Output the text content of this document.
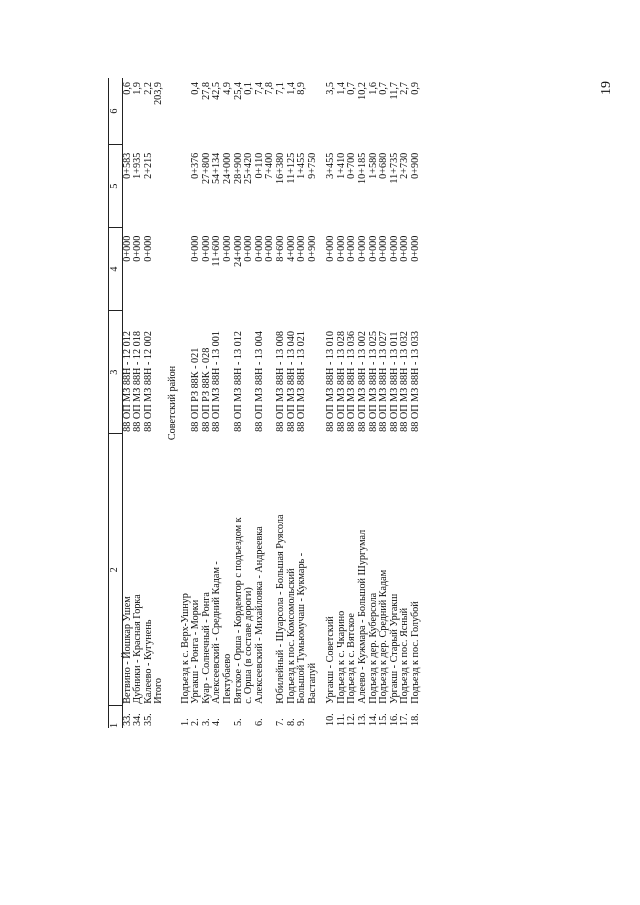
19
1	2	3	4	5	6
33.	Ветвино - Йошкар Ушем	88 ОП МЗ 88Н - 12 012	0+000	0+583	0,6
34.	Дубники - Красная Горка	88 ОП МЗ 88Н - 12 018	0+000	1+935	1,9
35.	Калеево - Кугунень	88 ОП МЗ 88Н - 12 002	0+000	2+215	2,2
	Итого				203,9
Советский район					
1.	Подъезд к с. Верх-Ушнур				
2.	Ургакш - Ронга - Морки	88 ОП РЗ 88К - 021	0+000	0+376	0,4
3.	Куар - Солнечный - Ронга	88 ОП РЗ 88К - 028	0+000	27+800	27,8
4.	Алексеевский - Средний Кадам -	88 ОП МЗ 88Н - 13 001	11+600	54+134	42,5
	Пектубаево		0+000	24+000	4,9
5.	Вятское - Орша - Кордемтор с подъездом к	88 ОП МЗ 88Н - 13 012	24+000	28+900	25,4
	с. Орша (в составе дороги)		0+000	25+420	0,1
6.	Алексеевский - Михайловка - Андреевка	88 ОП МЗ 88Н - 13 004	0+000	0+110	7,4
			0+000	7+400	7,8
7.	Юбилейный - Шуарсола - Большая Руясола	88 ОП МЗ 88Н - 13 008	8+600	16+380	7,1
8.	Подъезд к пос. Комсомольский	88 ОП МЗ 88Н - 13 040	4+000	11+125	1,4
9.	Большой Тумьюмучаш - Кукмарь -	88 ОП МЗ 88Н - 13 021	0+000	1+455	8,9
	Вастапуй		0+900	9+750	

10.	Ургакш - Советский	88 ОП МЗ 88Н - 13 010	0+000	3+455	3,5
11.	Подъезд к с. Чкарино	88 ОП МЗ 88Н - 13 028	0+000	1+410	1,4
12.	Подъезд к с. Вятское	88 ОП МЗ 88Н - 13 036	0+000	0+700	0,7
13.	Алеево - Кужмара - Большой Шургумал	88 ОП МЗ 88Н - 13 002	0+000	10+185	10,2
14.	Подъезд к дер. Куберсола	88 ОП МЗ 88Н - 13 025	0+000	1+580	1,6
15.	Подъезд к дер. Средний Кадам	88 ОП МЗ 88Н - 13 027	0+000	0+680	0,7
16.	Ургакш - Старый Ургакш	88 ОП МЗ 88Н - 13 011	0+000	11+735	11,7
17.	Подъезд к пос. Ясный	88 ОП МЗ 88Н - 13 032	0+000	2+730	2,7
18.	Подъезд к пос. Голубой	88 ОП МЗ 88Н - 13 033	0+000	0+900	0,9
